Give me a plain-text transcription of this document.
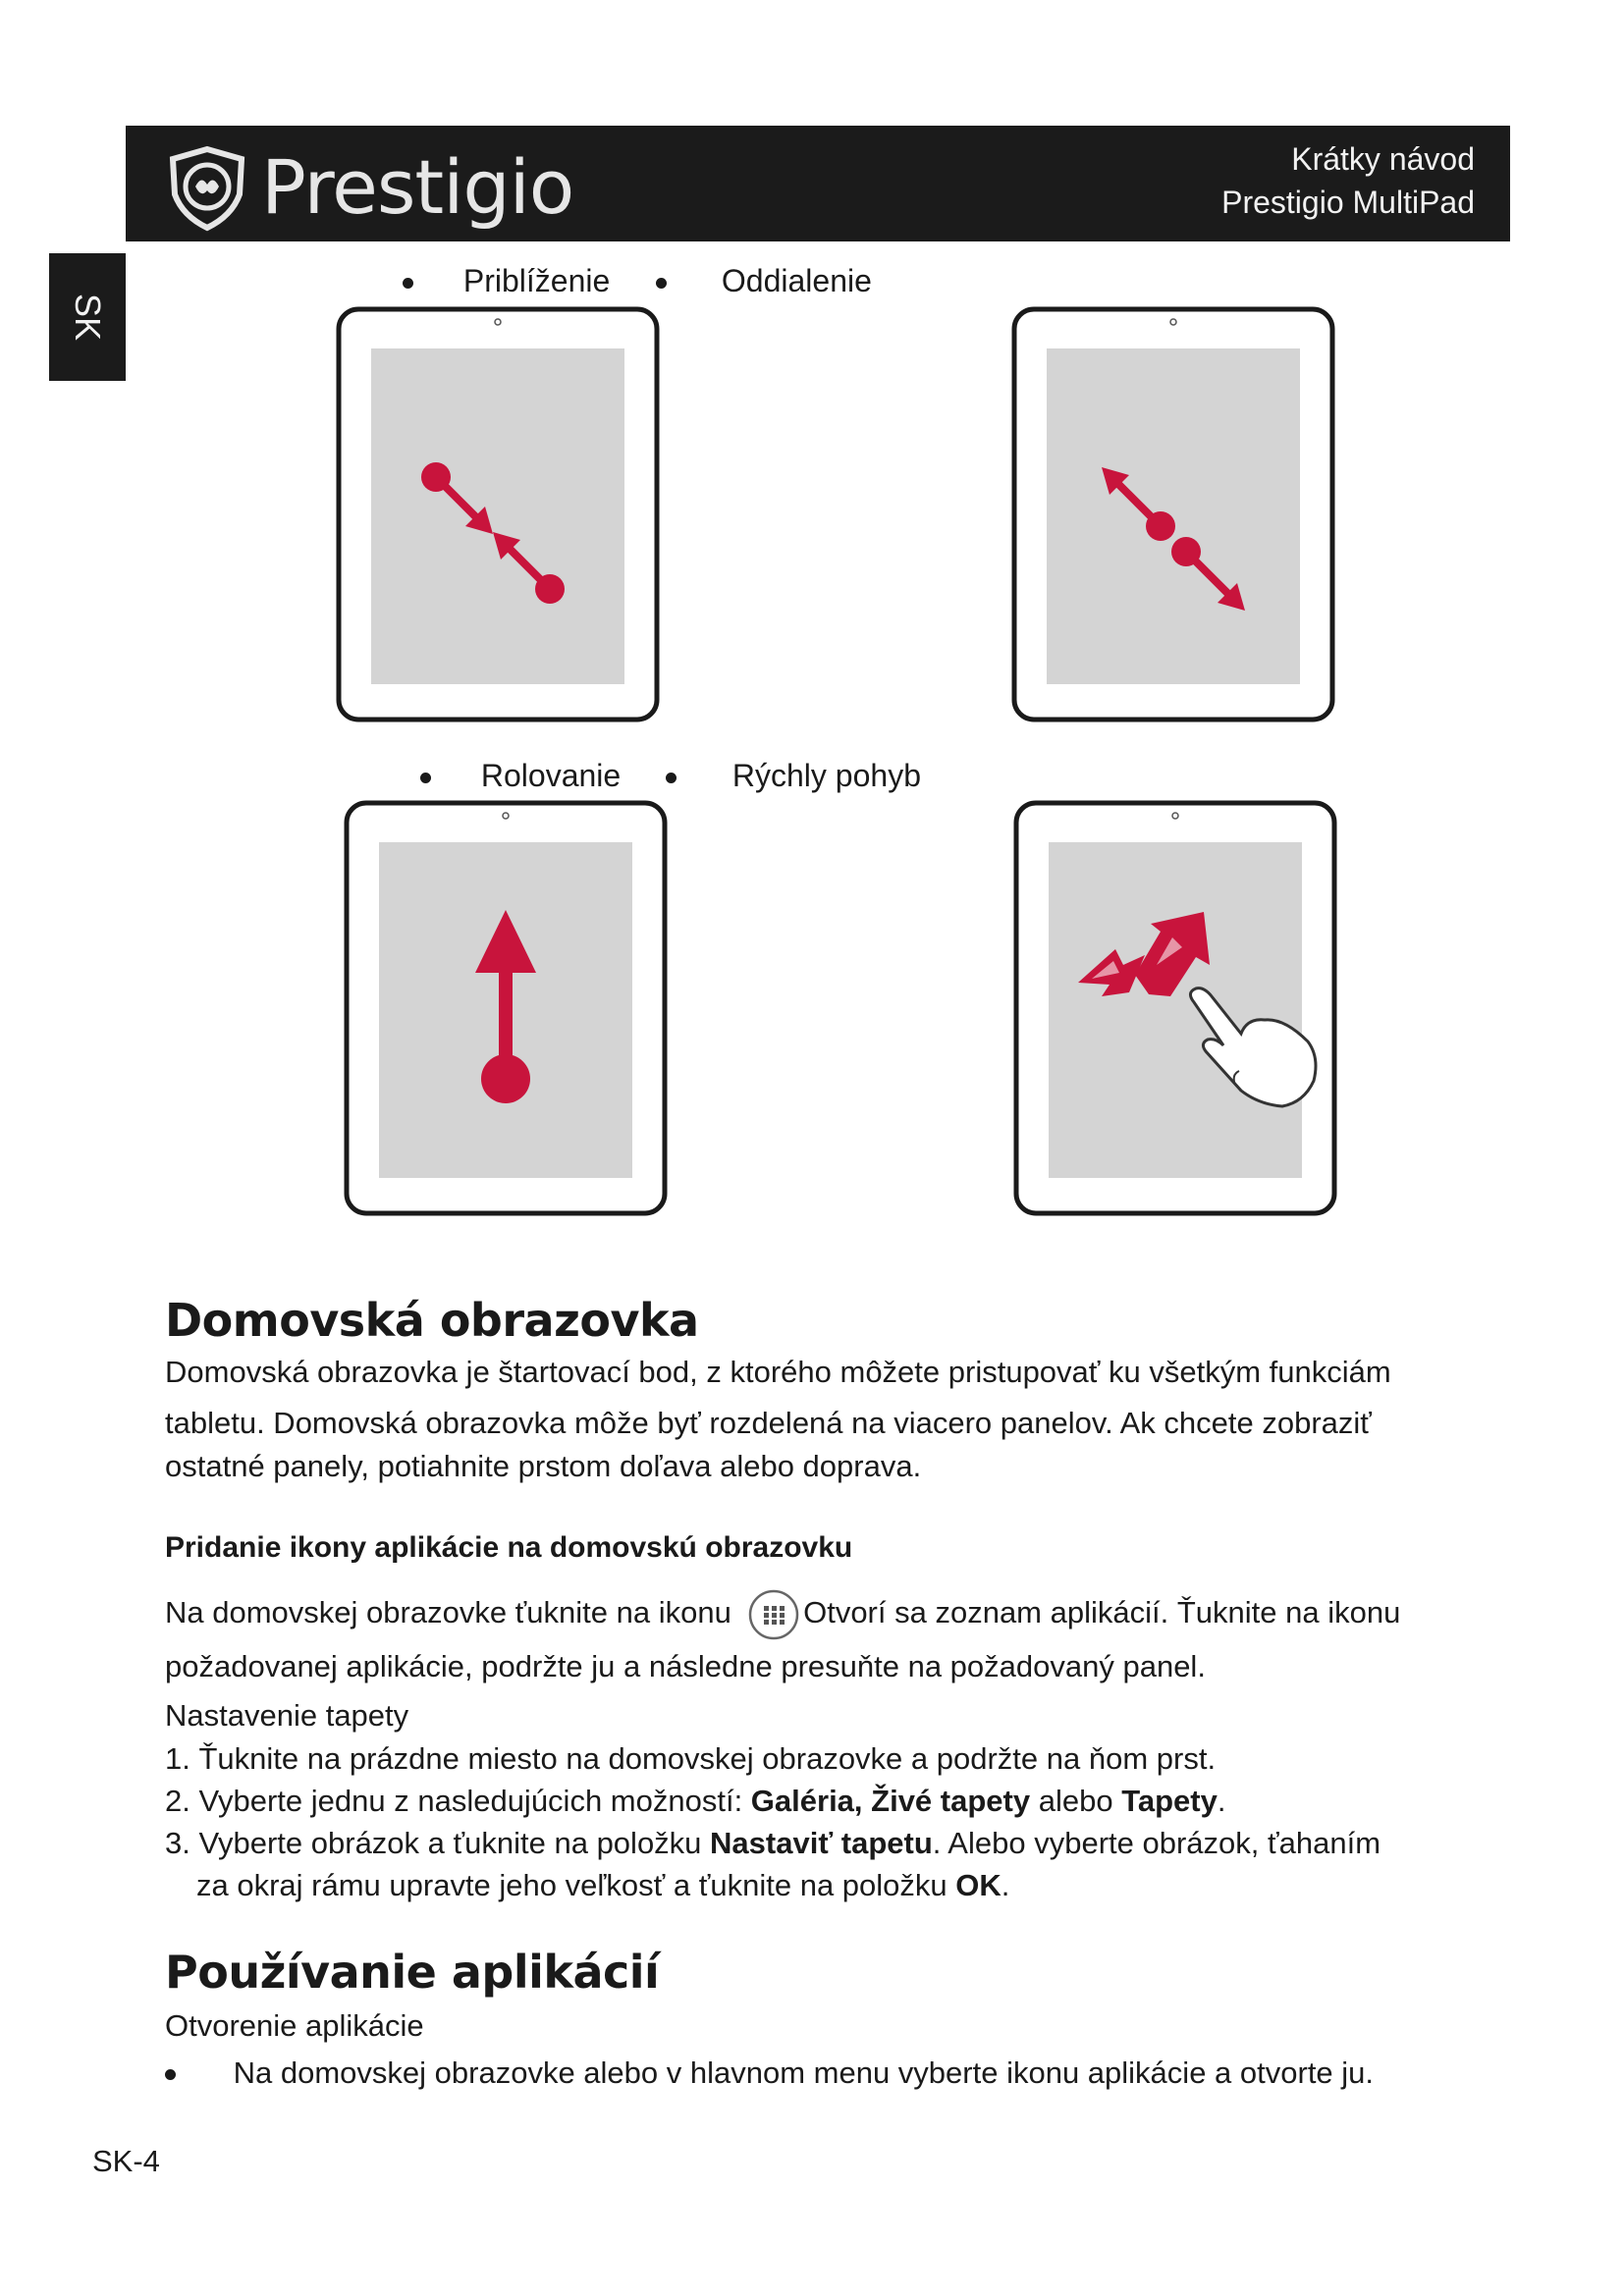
Prestigio	Krátky návod
Prestigio MultiPad
SK
Priblíženie	Oddialenie
Rolovanie	Rýchly pohyb
Domovská obrazovka
Domovská obrazovka je štartovací bod, z ktorého môžete pristupovať ku všetkým funkciám
tabletu. Domovská obrazovka môže byť rozdelená na viacero panelov. Ak chcete zobraziť
ostatné panely, potiahnite prstom doľava alebo doprava.
Pridanie ikony aplikácie na domovskú obrazovku
Na domovskej obrazovke ťuknite na ikonu Otvorí sa zoznam aplikácií. Ťuknite na ikonu
požadovanej aplikácie, podržte ju a následne presuňte na požadovaný panel.
Nastavenie tapety
1. Ťuknite na prázdne miesto na domovskej obrazovke a podržte na ňom prst.
2. Vyberte jednu z nasledujúcich možností: Galéria, Živé tapety alebo Tapety.
3. Vyberte obrázok a ťuknite na položku Nastaviť tapetu. Alebo vyberte obrázok, ťahaním
za okraj rámu upravte jeho veľkosť a ťuknite na položku OK.
Používanie aplikácií
Otvorenie aplikácie
Na domovskej obrazovke alebo v hlavnom menu vyberte ikonu aplikácie a otvorte ju.
SK-4
